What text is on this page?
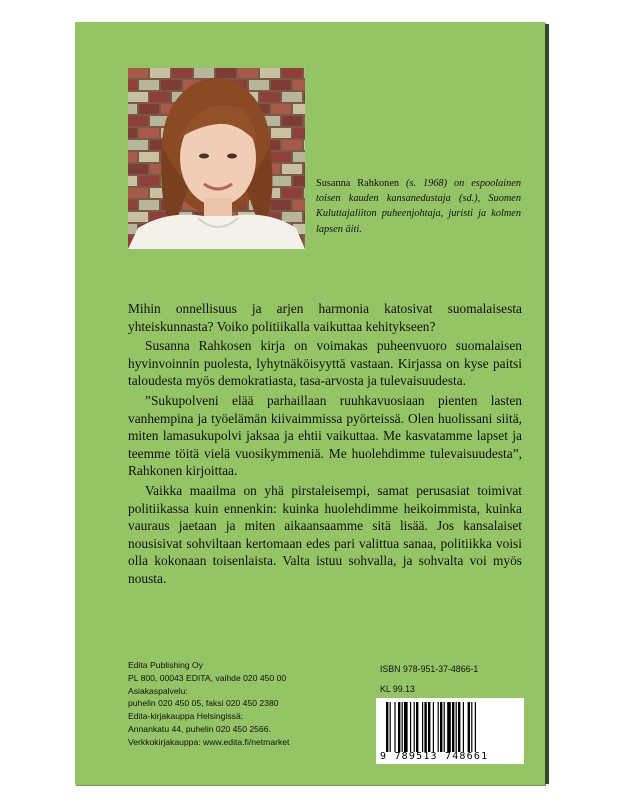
Susanna Rahkonen (s. 1968) on espoolainen toisen kauden kansanedustaja (sd.), Suomen Kuluttajaliiton puheenjohtaja, juristi ja kolmen lapsen äiti.

Mihin onnellisuus ja arjen harmonia katosivat suomalaisesta yhteiskunnasta? Voiko politiikalla vaikuttaa kehitykseen?

Susanna Rahkosen kirja on voimakas puheenvuoro suomalaisen hyvinvoinnin puolesta, lyhytnäköisyyttä vastaan. Kirjassa on kyse paitsi taloudesta myös demokratiasta, tasa-arvosta ja tulevaisuudesta.

”Sukupolveni elää parhaillaan ruuhkavuosiaan pienten lasten vanhempina ja työelämän kiivaimmissa pyörteissä. Olen huolissani siitä, miten lamasukupolvi jaksaa ja ehtii vaikuttaa. Me kasvatamme lapset ja teemme töitä vielä vuosikymmeniä. Me huolehdimme tulevaisuudesta”, Rahkonen kirjoittaa.

Vaikka maailma on yhä pirstaleisempi, samat perusasiat toimivat politiikassa kuin ennenkin: kuinka huolehdimme heikoimmista, kuinka vauraus jaetaan ja miten aikaansaamme sitä lisää. Jos kansalaiset nousisivat sohviltaan kertomaan edes pari valittua sanaa, politiikka voisi olla kokonaan toisenlaista. Valta istuu sohvalla, ja sohvalta voi myös nousta.

Edita Publishing Oy
PL 800, 00043 EDITA, vaihde 020 450 00
Asiakaspalvelu:
puhelin 020 450 05, faksi 020 450 2380
Edita-kirjakauppa Helsingissä:
Annankatu 44, puhelin 020 450 2566.
Verkkokirjakauppa: www.edita.fi/netmarket
ISBN 978-951-37-4866-1
KL 99.13
9 789513 748661
